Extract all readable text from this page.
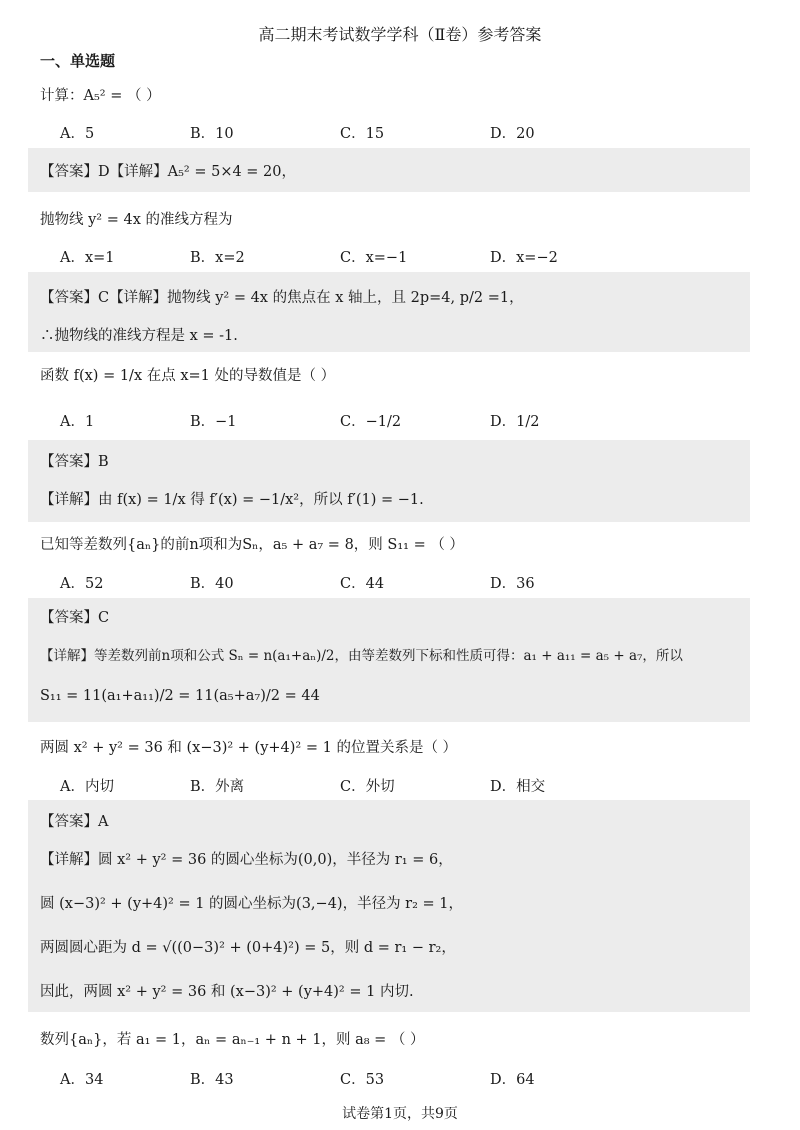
高二期末考试数学学科（Ⅱ卷）参考答案
一、单选题
计算：A₅² = （ ）
A．5	B．10	C．15	D．20
【答案】D【详解】A₅² = 5×4 = 20，
抛物线 y² = 4x 的准线方程为
A．x=1	B．x=2	C．x=−1	D．x=−2
【答案】C【详解】抛物线 y² = 4x 的焦点在 x 轴上，且 2p=4, p/2 =1，
∴抛物线的准线方程是 x = -1.
函数 f(x) = 1/x 在点 x=1 处的导数值是（ ）
A．1	B．−1	C．−1/2	D．1/2
【答案】B
【详解】由 f(x) = 1/x 得 f′(x) = −1/x²，所以 f′(1) = −1.
已知等差数列{aₙ}的前n项和为Sₙ，a₅ + a₇ = 8，则 S₁₁ = （ ）
A．52	B．40	C．44	D．36
【答案】C
【详解】等差数列前n项和公式 Sₙ = n(a₁+aₙ)/2，由等差数列下标和性质可得：a₁ + a₁₁ = a₅ + a₇，所以
S₁₁ = 11(a₁+a₁₁)/2 = 11(a₅+a₇)/2 = 44
两圆 x² + y² = 36 和 (x−3)² + (y+4)² = 1 的位置关系是（ ）
A．内切	B．外离	C．外切	D．相交
【答案】A
【详解】圆 x² + y² = 36 的圆心坐标为(0,0)，半径为 r₁ = 6，
圆 (x−3)² + (y+4)² = 1 的圆心坐标为(3,−4)，半径为 r₂ = 1，
两圆圆心距为 d = √((0−3)² + (0+4)²) = 5，则 d = r₁ − r₂，
因此，两圆 x² + y² = 36 和 (x−3)² + (y+4)² = 1 内切.
数列{aₙ}，若 a₁ = 1，aₙ = aₙ₋₁ + n + 1，则 a₈ = （ ）
A．34	B．43	C．53	D．64
试卷第1页，共9页
